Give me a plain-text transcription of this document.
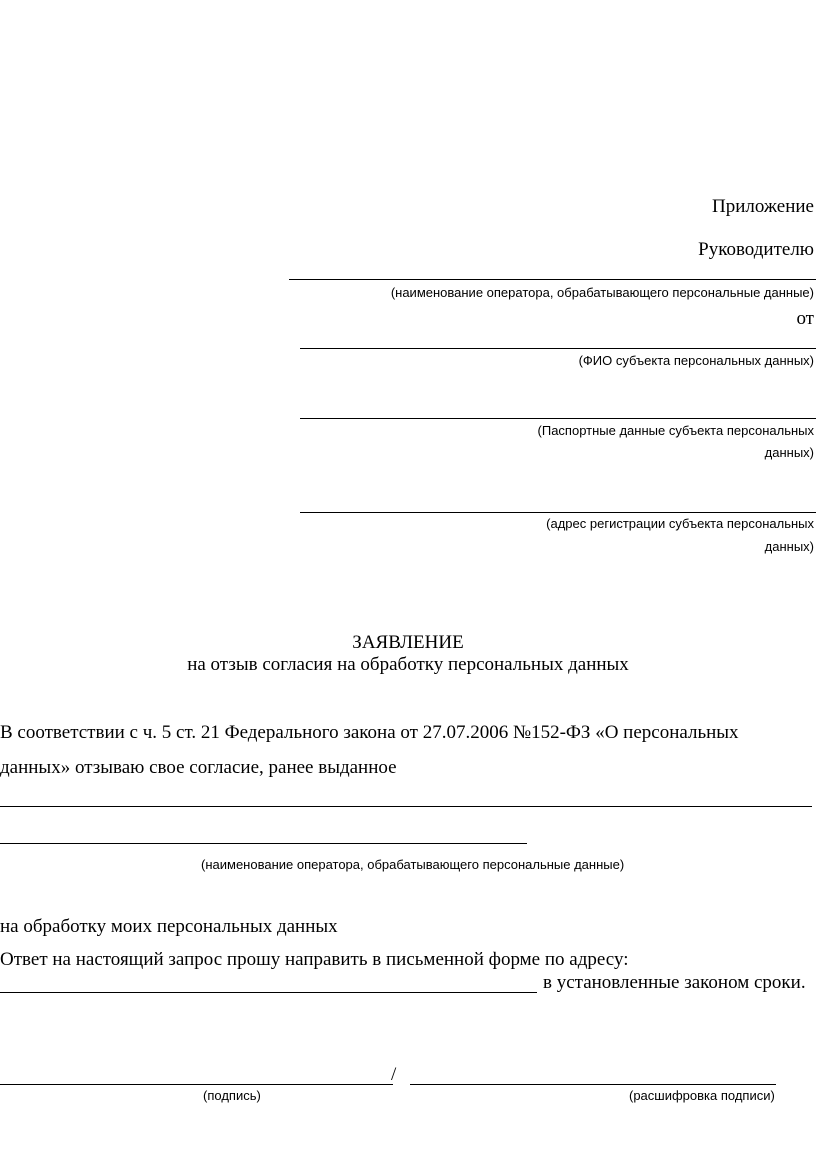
Приложение
Руководителю
(наименование оператора, обрабатывающего персональные данные)
от
(ФИО субъекта персональных данных)
(Паспортные данные субъекта персональных
данных)
(адрес регистрации субъекта персональных
данных)
ЗАЯВЛЕНИЕ
на отзыв согласия на обработку персональных данных
В соответствии с ч. 5 ст. 21 Федерального закона от 27.07.2006 №152-ФЗ «О персональных
данных» отзываю свое согласие, ранее выданное
(наименование оператора, обрабатывающего персональные данные)
на обработку моих персональных данных
Ответ на настоящий запрос прошу направить в письменной форме по адресу:
в установленные законом сроки.
/
(подпись)	(расшифровка подписи)
